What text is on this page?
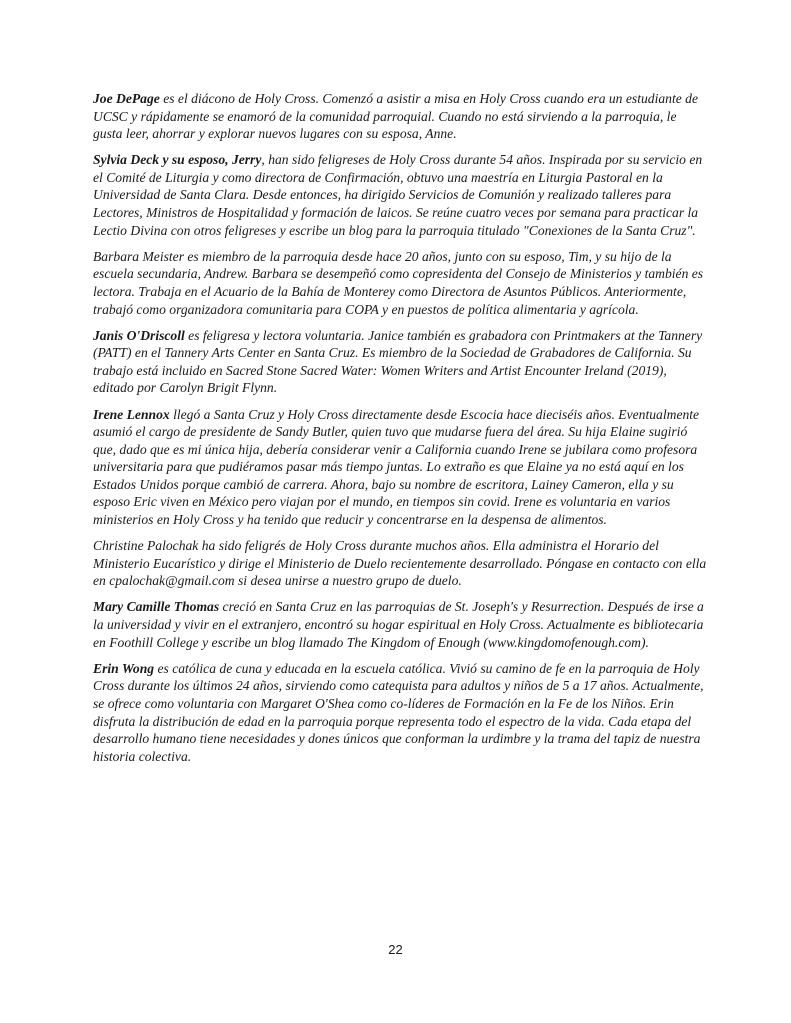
Joe DePage es el diácono de Holy Cross. Comenzó a asistir a misa en Holy Cross cuando era un estudiante de UCSC y rápidamente se enamoró de la comunidad parroquial. Cuando no está sirviendo a la parroquia, le gusta leer, ahorrar y explorar nuevos lugares con su esposa, Anne.

Sylvia Deck y su esposo, Jerry, han sido feligreses de Holy Cross durante 54 años. Inspirada por su servicio en el Comité de Liturgia y como directora de Confirmación, obtuvo una maestría en Liturgia Pastoral en la Universidad de Santa Clara. Desde entonces, ha dirigido Servicios de Comunión y realizado talleres para Lectores, Ministros de Hospitalidad y formación de laicos. Se reúne cuatro veces por semana para practicar la Lectio Divina con otros feligreses y escribe un blog para la parroquia titulado "Conexiones de la Santa Cruz".

Barbara Meister es miembro de la parroquia desde hace 20 años, junto con su esposo, Tim, y su hijo de la escuela secundaria, Andrew. Barbara se desempeñó como copresidenta del Consejo de Ministerios y también es lectora. Trabaja en el Acuario de la Bahía de Monterey como Directora de Asuntos Públicos. Anteriormente, trabajó como organizadora comunitaria para COPA y en puestos de política alimentaria y agrícola.

Janis O'Driscoll es feligresa y lectora voluntaria. Janice también es grabadora con Printmakers at the Tannery (PATT) en el Tannery Arts Center en Santa Cruz. Es miembro de la Sociedad de Grabadores de California. Su trabajo está incluido en Sacred Stone Sacred Water: Women Writers and Artist Encounter Ireland (2019), editado por Carolyn Brigit Flynn.

Irene Lennox llegó a Santa Cruz y Holy Cross directamente desde Escocia hace dieciséis años. Eventualmente asumió el cargo de presidente de Sandy Butler, quien tuvo que mudarse fuera del área. Su hija Elaine sugirió que, dado que es mi única hija, debería considerar venir a California cuando Irene se jubilara como profesora universitaria para que pudiéramos pasar más tiempo juntas. Lo extraño es que Elaine ya no está aquí en los Estados Unidos porque cambió de carrera. Ahora, bajo su nombre de escritora, Lainey Cameron, ella y su esposo Eric viven en México pero viajan por el mundo, en tiempos sin covid. Irene es voluntaria en varios ministerios en Holy Cross y ha tenido que reducir y concentrarse en la despensa de alimentos.

Christine Palochak ha sido feligrés de Holy Cross durante muchos años. Ella administra el Horario del Ministerio Eucarístico y dirige el Ministerio de Duelo recientemente desarrollado. Póngase en contacto con ella en cpalochak@gmail.com si desea unirse a nuestro grupo de duelo.

Mary Camille Thomas creció en Santa Cruz en las parroquias de St. Joseph's y Resurrection. Después de irse a la universidad y vivir en el extranjero, encontró su hogar espiritual en Holy Cross. Actualmente es bibliotecaria en Foothill College y escribe un blog llamado The Kingdom of Enough (www.kingdomofenough.com).

Erin Wong es católica de cuna y educada en la escuela católica. Vivió su camino de fe en la parroquia de Holy Cross durante los últimos 24 años, sirviendo como catequista para adultos y niños de 5 a 17 años. Actualmente, se ofrece como voluntaria con Margaret O'Shea como co-líderes de Formación en la Fe de los Niños. Erin disfruta la distribución de edad en la parroquia porque representa todo el espectro de la vida. Cada etapa del desarrollo humano tiene necesidades y dones únicos que conforman la urdimbre y la trama del tapiz de nuestra historia colectiva.

22
